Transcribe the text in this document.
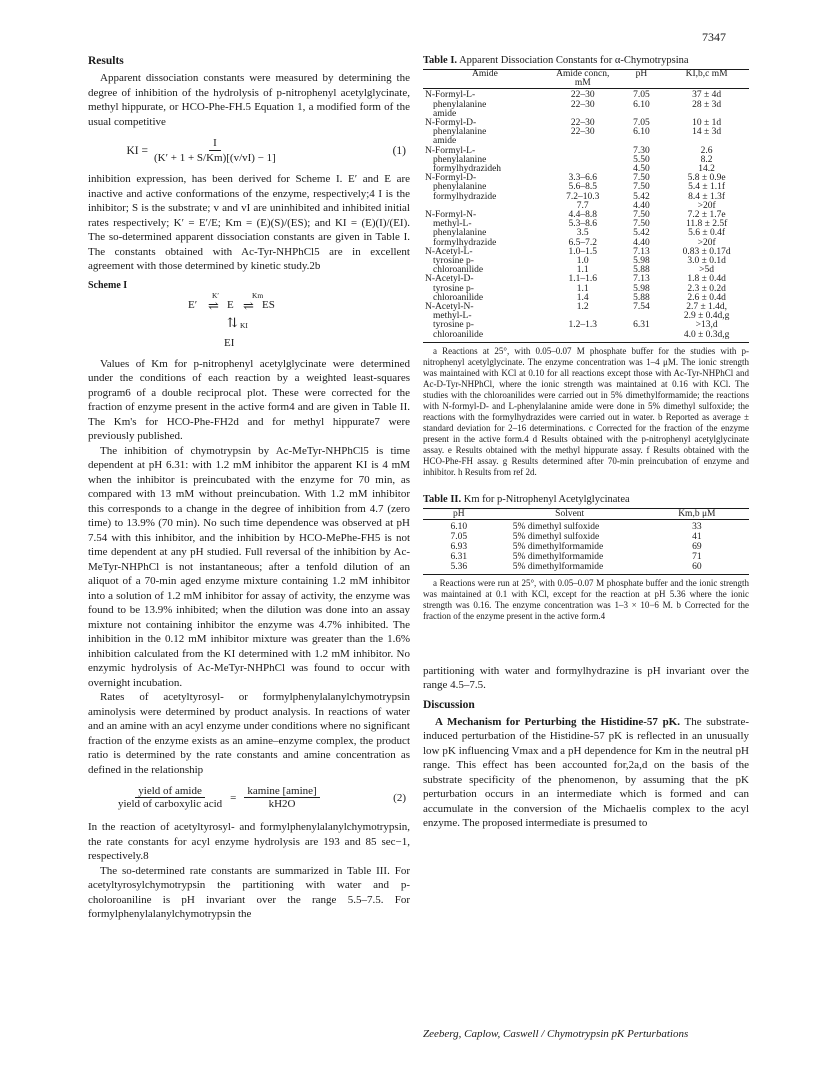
7347
Results

Apparent dissociation constants were measured by determining the degree of inhibition of the hydrolysis of p-nitrophenyl acetylglycinate, methyl hippurate, or HCO-Phe-FH.5 Equation 1, a modified form of the usual competitive

KI = $\frac{I}{(K' + 1 + S/Km)[(v/vI) - 1]}$	(1)

inhibition expression, has been derived for Scheme I. E′ and E are inactive and active conformations of the enzyme, respectively;4 I is the inhibitor; S is the substrate; v and vI are uninhibited and inhibited initial rates respectively; K′ = E′/E; Km = (E)(S)/(ES); and KI = (E)(I)/(EI). The so-determined apparent dissociation constants are given in Table I. The constants obtained with Ac-Tyr-NHPhCl5 are in excellent agreement with those determined by kinetic study.2b

Scheme I
K′	Km
E′ ⇌ E ⇌ ES
⇅ KI
EI

Values of Km for p-nitrophenyl acetylglycinate were determined under the conditions of each reaction by a weighted least-squares program6 of a double reciprocal plot. These were corrected for the fraction of enzyme present in the active form4 and are given in Table II. The Km's for HCO-Phe-FH2d and for methyl hippurate7 were previously published.

The inhibition of chymotrypsin by Ac-MeTyr-NHPhCl5 is time dependent at pH 6.31: with 1.2 mM inhibitor the apparent KI is 4 mM when the inhibitor is preincubated with the enzyme for 70 min, as compared with 13 mM without preincubation. With 1.2 mM inhibitor this corresponds to a change in the degree of inhibition from 4.7 (zero time) to 13.9% (70 min). No such time dependence was observed at pH 7.54 with this inhibitor, and the inhibition by HCO-MePhe-FH5 is not time dependent at any pH studied. Full reversal of the inhibition by Ac-MeTyr-NHPhCl is not instantaneous; after a tenfold dilution of an aliquot of a 70-min aged enzyme mixture containing 1.2 mM inhibitor into a solution of 1.2 mM inhibitor for assay of activity, the enzyme was found to be 13.9% inhibited; when the dilution was done into an assay mixture not containing inhibitor the enzyme was 4.7% inhibited. The inhibition in the 0.12 mM inhibitor mixture was greater than the 1.6% inhibition calculated from the KI determined with 1.2 mM inhibitor. No enzymic hydrolysis of Ac-MeTyr-NHPhCl was found to occur with overnight incubation.

Rates of acetyltyrosyl- or formylphenylalanylchymotrypsin aminolysis were determined by product analysis. In reactions of water and an amine with an acyl enzyme under conditions where no significant fraction of the enzyme exists as an amine–enzyme complex, the product ratio is determined by the rate constants and amine concentration as defined in the relationship

$\frac{\text{yield of amide}}{\text{yield of carboxylic acid}} = \frac{kamine [amine]}{kH2O}$	(2)

In the reaction of acetyltyrosyl- and formylphenylalanylchymotrypsin, the rate constants for acyl enzyme hydrolysis are 193 and 85 sec−1, respectively.8

The so-determined rate constants are summarized in Table III. For acetyltyrosylchymotrypsin the partitioning with water and p-choloroaniline is pH invariant over the range 5.5–7.5. For formylphenylalanylchymotrypsin the

Table I. Apparent Dissociation Constants for α-Chymotrypsina
Amide	Amide concn, mM	pH	KI,b,c mM

N-Formyl-L-	22–30	7.05	37 ± 4d
phenylalanine	22–30	6.10	28 ± 3d
amide			
N-Formyl-D-	22–30	7.05	10 ± 1d
phenylalanine	22–30	6.10	14 ± 3d
amide			
N-Formyl-L-		7.30	2.6
phenylalanine		5.50	8.2
formylhydrazideh		4.50	14.2
N-Formyl-D-	3.3–6.6	7.50	5.8 ± 0.9e
phenylalanine	5.6–8.5	7.50	5.4 ± 1.1f
formylhydrazide	7.2–10.3	5.42	8.4 ± 1.3f
	7.7	4.40	>20f
N-Formyl-N-	4.4–8.8	7.50	7.2 ± 1.7e
methyl-L-	5.3–8.6	7.50	11.8 ± 2.5f
phenylalanine	3.5	5.42	5.6 ± 0.4f
formylhydrazide	6.5–7.2	4.40	>20f
N-Acetyl-L-	1.0–1.5	7.13	0.83 ± 0.17d
tyrosine p-	1.0	5.98	3.0 ± 0.1d
chloroanilide	1.1	5.88	>5d
N-Acetyl-D-	1.1–1.6	7.13	1.8 ± 0.4d
tyrosine p-	1.1	5.98	2.3 ± 0.2d
chloroanilide	1.4	5.88	2.6 ± 0.4d
N-Acetyl-N-	1.2	7.54	2.7 ± 1.4d,
methyl-L-			2.9 ± 0.4d,g
tyrosine p-	1.2–1.3	6.31	>13,d
chloroanilide			4.0 ± 0.3d,g

a Reactions at 25°, with 0.05–0.07 M phosphate buffer for the studies with p-nitrophenyl acetylglycinate. The enzyme concentration was 1–4 μM. The ionic strength was maintained with KCl at 0.10 for all reactions except those with Ac-Tyr-NHPhCl and Ac-D-Tyr-NHPhCl, where the ionic strength was maintained at 0.16 with KCl. The studies with the chloroanilides were carried out in 5% dimethylformamide; the reactions with N-formyl-D- and L-phenylalanine amide were done in 5% dimethyl sulfoxide; the reactions with the formylhydrazides were carried out in water. b Reported as average ± standard deviation for 2–16 determinations. c Corrected for the fraction of the enzyme present in the active form.4 d Results obtained with the p-nitrophenyl acetylglycinate assay. e Results obtained with the methyl hippurate assay. f Results obtained with the HCO-Phe-FH assay. g Results determined after 70-min preincubation of enzyme and inhibitor. h Results from ref 2d.

Table II. Km for p-Nitrophenyl Acetylglycinatea
pH	Solvent	Km,b μM

6.10	5% dimethyl sulfoxide	33
7.05	5% dimethyl sulfoxide	41
6.93	5% dimethylformamide	69
6.31	5% dimethylformamide	71
5.36	5% dimethylformamide	60

a Reactions were run at 25°, with 0.05–0.07 M phosphate buffer and the ionic strength was maintained at 0.1 with KCl, except for the reaction at pH 5.36 where the ionic strength was 0.16. The enzyme concentration was 1–3 × 10−6 M. b Corrected for the fraction of the enzyme present in the active form.4

partitioning with water and formylhydrazine is pH invariant over the range 4.5–7.5.

Discussion

A Mechanism for Perturbing the Histidine-57 pK. The substrate-induced perturbation of the Histidine-57 pK is reflected in an unusually low pK influencing Vmax and a pH dependence for Km in the neutral pH range. This effect has been accounted for,2a,d on the basis of the substrate specificity of the phenomenon, by assuming that the pK perturbation occurs in an intermediate which is formed and can accumulate in the conversion of the Michaelis complex to the acyl enzyme. The proposed intermediate is presumed to

Zeeberg, Caplow, Caswell / Chymotrypsin pK Perturbations
